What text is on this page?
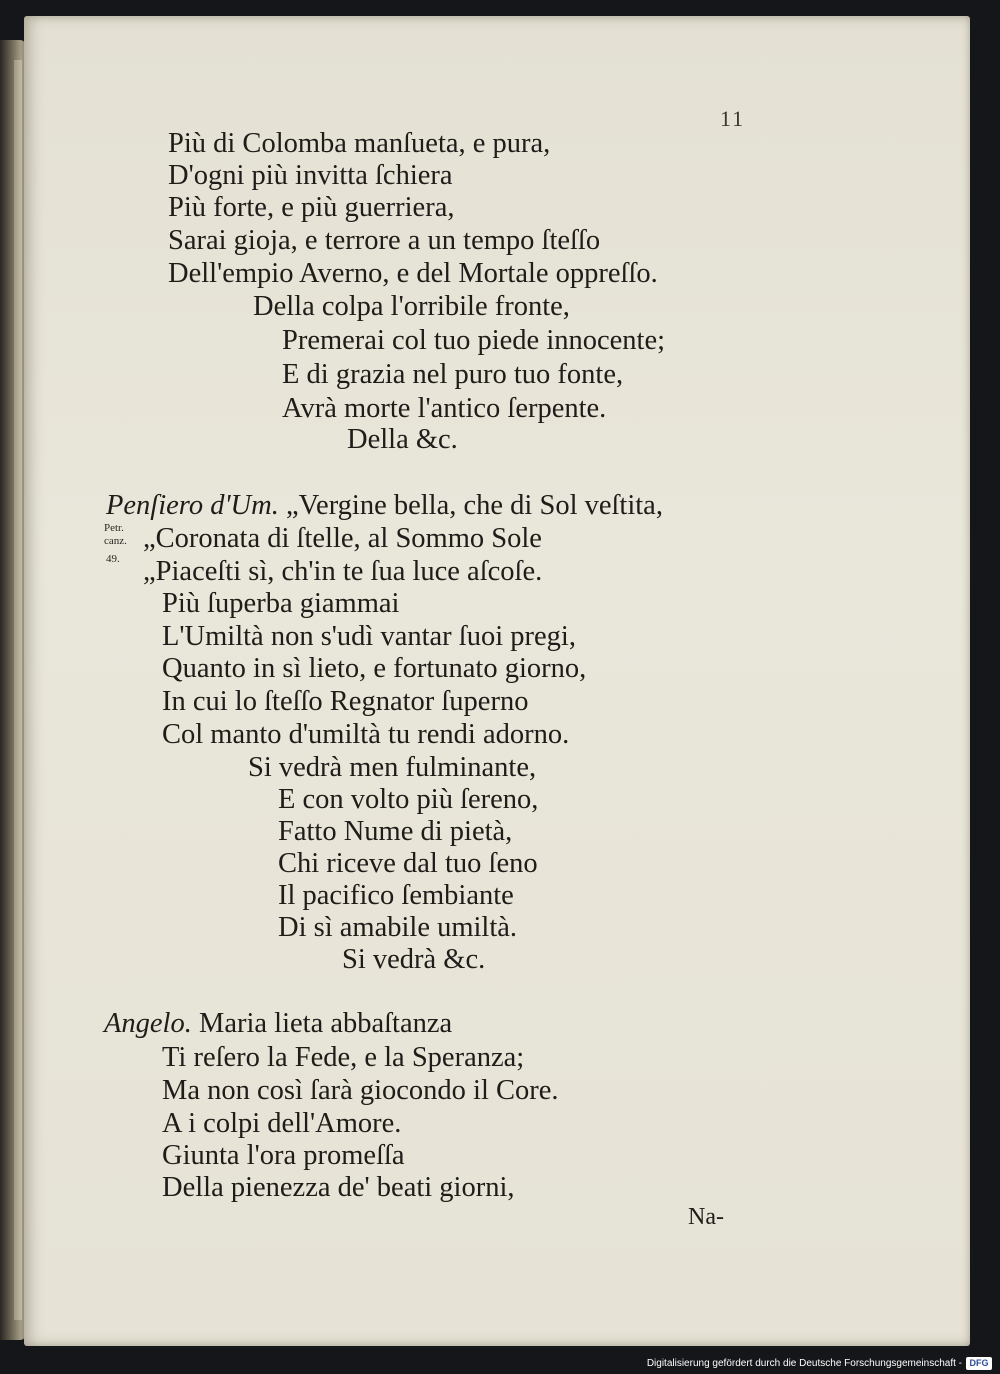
11
Più di Colomba manſueta, e pura,
D'ogni più invitta ſchiera
Più forte, e più guerriera,
Sarai gioja, e terrore a un tempo ſteſſo
Dell'empio Averno, e del Mortale oppreſſo.
Della colpa l'orribile fronte,
Premerai col tuo piede innocente;
E di grazia nel puro tuo fonte,
Avrà morte l'antico ſerpente.
Della &c.
Penſiero d'Um. „Vergine bella, che di Sol veſtita,
Petr.
canz.
49.
„Coronata di ſtelle, al Sommo Sole
„Piaceſti sì, ch'in te ſua luce aſcoſe.
Più ſuperba giammai
L'Umiltà non s'udì vantar ſuoi pregi,
Quanto in sì lieto, e fortunato giorno,
In cui lo ſteſſo Regnator ſuperno
Col manto d'umiltà tu rendi adorno.
Si vedrà men fulminante,
E con volto più ſereno,
Fatto Nume di pietà,
Chi riceve dal tuo ſeno
Il pacifico ſembiante
Di sì amabile umiltà.
Si vedrà &c.
Angelo. Maria lieta abbaſtanza
Ti reſero la Fede, e la Speranza;
Ma non così ſarà giocondo il Core.
A i colpi dell'Amore.
Giunta l'ora promeſſa
Della pienezza de' beati giorni,
Na-
Digitalisierung gefördert durch die Deutsche Forschungsgemeinschaft - DFG
